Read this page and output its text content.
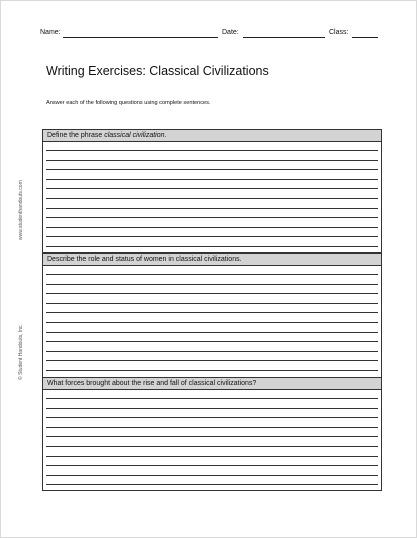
Name:	Date:	Class:
Writing Exercises: Classical Civilizations
Answer each of the following questions using complete sentences.
www.studenthandouts.com
© Student Handouts, Inc.
Define the phrase classical civilization.
Describe the role and status of women in classical civilizations.
What forces brought about the rise and fall of classical civilizations?
